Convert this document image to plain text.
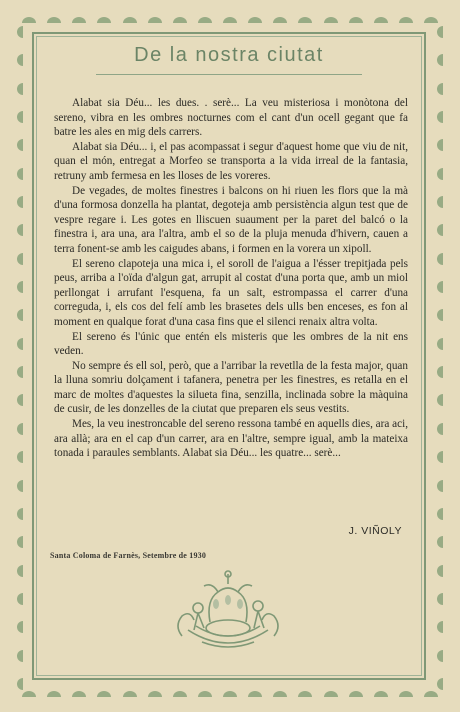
De la nostra ciutat

Alabat sia Déu... les dues. . serè... La veu misteriosa i monòtona del sereno, vibra en les ombres nocturnes com el cant d'un ocell gegant que fa batre les ales en mig dels carrers.

Alabat sia Déu... i, el pas acompassat i segur d'aquest home que viu de nit, quan el món, entregat a Morfeo se transporta a la vida irreal de la fantasia, retruny amb fermesa en les lloses de les voreres.

De vegades, de moltes finestres i balcons on hi riuen les flors que la mà d'una formosa donzella ha plantat, degoteja amb persistència algun test que de vespre regare i. Les gotes en lliscuen suaument per la paret del balcó o la finestra i, ara una, ara l'altra, amb el so de la pluja menuda d'hivern, cauen a terra fonent-se amb les caigudes abans, i formen en la vorera un xipoll.

El sereno clapoteja una mica i, el soroll de l'aigua a l'ésser trepitjada pels peus, arriba a l'oïda d'algun gat, arrupit al costat d'una porta que, amb un miol perllongat i arrufant l'esquena, fa un salt, estrompassa el carrer d'una correguda, i, els cos del felí amb les brasetes dels ulls ben enceses, es fon al moment en qualque forat d'una casa fins que el silenci renaix altra volta.

El sereno és l'únic que entén els misteris que les ombres de la nit ens veden.

No sempre és ell sol, però, que a l'arribar la revetlla de la festa major, quan la lluna somriu dolçament i tafanera, penetra per les finestres, es retalla en el marc de moltes d'aquestes la silueta fina, senzilla, inclinada sobre la màquina de cusir, de les donzelles de la ciutat que preparen els seus vestits.

Mes, la veu inestroncable del sereno ressona també en aquells dies, ara aci, ara allà; ara en el cap d'un carrer, ara en l'altre, sempre igual, amb la mateixa tonada i paraules semblants. Alabat sia Déu... les quatre... serè...

J. VIÑOLY
Santa Coloma de Farnès, Setembre de 1930
